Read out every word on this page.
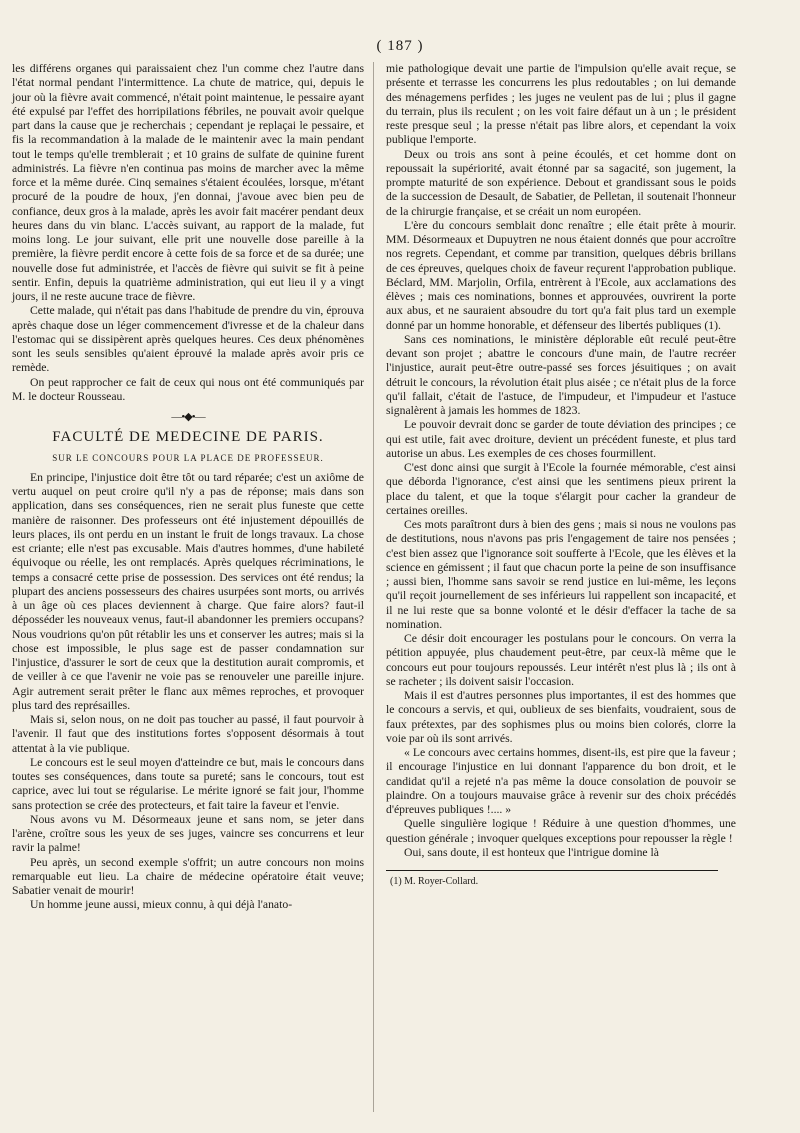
( 187 )

les différens organes qui paraissaient chez l'un comme chez l'autre dans l'état normal pendant l'intermittence. La chute de matrice, qui, depuis le jour où la fièvre avait commencé, n'était point maintenue, le pessaire ayant été expulsé par l'effet des horripilations fébriles, ne pouvait avoir quelque part dans la cause que je recherchais ; cependant je replaçai le pessaire, et fis la recommandation à la malade de le maintenir avec la main pendant tout le temps qu'elle tremblerait ; et 10 grains de sulfate de quinine furent administrés. La fièvre n'en continua pas moins de marcher avec la même force et la même durée. Cinq semaines s'étaient écoulées, lorsque, m'étant procuré de la poudre de houx, j'en donnai, j'avoue avec bien peu de confiance, deux gros à la malade, après les avoir fait macérer pendant deux heures dans du vin blanc. L'accès suivant, au rapport de la malade, fut moins long. Le jour suivant, elle prit une nouvelle dose pareille à la première, la fièvre perdit encore à cette fois de sa force et de sa durée; une nouvelle dose fut administrée, et l'accès de fièvre qui suivit se fit à peine sentir. Enfin, depuis la quatrième administration, qui eut lieu il y a vingt jours, il ne reste aucune trace de fièvre.

Cette malade, qui n'était pas dans l'habitude de prendre du vin, éprouva après chaque dose un léger commencement d'ivresse et de la chaleur dans l'estomac qui se dissipèrent après quelques heures. Ces deux phénomènes sont les seuls sensibles qu'aient éprouvé la malade après avoir pris ce remède.

On peut rapprocher ce fait de ceux qui nous ont été communiqués par M. le docteur Rousseau.

—•◆•—
FACULTÉ DE MEDECINE DE PARIS.
SUR LE CONCOURS POUR LA PLACE DE PROFESSEUR.

En principe, l'injustice doit être tôt ou tard réparée; c'est un axiôme de vertu auquel on peut croire qu'il n'y a pas de réponse; mais dans son application, dans ses conséquences, rien ne serait plus funeste que cette manière de raisonner. Des professeurs ont été injustement dépouillés de leurs places, ils ont perdu en un instant le fruit de longs travaux. La chose est criante; elle n'est pas excusable. Mais d'autres hommes, d'une habileté équivoque ou réelle, les ont remplacés. Après quelques récriminations, le temps a consacré cette prise de possession. Des services ont été rendus; la plupart des anciens possesseurs des chaires usurpées sont morts, ou arrivés à un âge où ces places deviennent à charge. Que faire alors? faut-il déposséder les nouveaux venus, faut-il abandonner les premiers occupans? Nous voudrions qu'on pût rétablir les uns et conserver les autres; mais si la chose est impossible, le plus sage est de passer condamnation sur l'injustice, d'assurer le sort de ceux que la destitution aurait compromis, et de veiller à ce que l'avenir ne voie pas se renouveler une pareille injure. Agir autrement serait prêter le flanc aux mêmes reproches, et provoquer plus tard des représailles.

Mais si, selon nous, on ne doit pas toucher au passé, il faut pourvoir à l'avenir. Il faut que des institutions fortes s'opposent désormais à tout attentat à la vie publique.

Le concours est le seul moyen d'atteindre ce but, mais le concours dans toutes ses conséquences, dans toute sa pureté; sans le concours, tout est caprice, avec lui tout se régularise. Le mérite ignoré se fait jour, l'homme sans protection se crée des protecteurs, et fait taire la faveur et l'envie.

Nous avons vu M. Désormeaux jeune et sans nom, se jeter dans l'arène, croître sous les yeux de ses juges, vaincre ses concurrens et leur ravir la palme!

Peu après, un second exemple s'offrit; un autre concours non moins remarquable eut lieu. La chaire de médecine opératoire était veuve; Sabatier venait de mourir!

Un homme jeune aussi, mieux connu, à qui déjà l'anato-

mie pathologique devait une partie de l'impulsion qu'elle avait reçue, se présente et terrasse les concurrens les plus redoutables ; on lui demande des ménagemens perfides ; les juges ne veulent pas de lui ; plus il gagne du terrain, plus ils reculent ; on les voit faire défaut un à un ; le président reste presque seul ; la presse n'était pas libre alors, et cependant la voix publique l'emporte.

Deux ou trois ans sont à peine écoulés, et cet homme dont on repoussait la supériorité, avait étonné par sa sagacité, son jugement, la prompte maturité de son expérience. Debout et grandissant sous le poids de la succession de Desault, de Sabatier, de Pelletan, il soutenait l'honneur de la chirurgie française, et se créait un nom européen.

L'ère du concours semblait donc renaître ; elle était prête à mourir. MM. Désormeaux et Dupuytren ne nous étaient donnés que pour accroître nos regrets. Cependant, et comme par transition, quelques débris brillans de ces épreuves, quelques choix de faveur reçurent l'approbation publique. Béclard, MM. Marjolin, Orfila, entrèrent à l'Ecole, aux acclamations des élèves ; mais ces nominations, bonnes et approuvées, ouvrirent la porte aux abus, et ne sauraient absoudre du tort qu'a fait plus tard un exemple donné par un homme honorable, et défenseur des libertés publiques (1).

Sans ces nominations, le ministère déplorable eût reculé peut-être devant son projet ; abattre le concours d'une main, de l'autre recréer l'injustice, aurait peut-être outre-passé ses forces jésuitiques ; on avait détruit le concours, la révolution était plus aisée ; ce n'était plus de la force qu'il fallait, c'était de l'astuce, de l'impudeur, et l'impudeur et l'astuce signalèrent à jamais les hommes de 1823.

Le pouvoir devrait donc se garder de toute déviation des principes ; ce qui est utile, fait avec droiture, devient un précédent funeste, et plus tard autorise un abus. Les exemples de ces choses fourmillent.

C'est donc ainsi que surgit à l'Ecole la fournée mémorable, c'est ainsi que déborda l'ignorance, c'est ainsi que les sentimens pieux prirent la place du talent, et que la toque s'élargit pour cacher la grandeur de certaines oreilles.

Ces mots paraîtront durs à bien des gens ; mais si nous ne voulons pas de destitutions, nous n'avons pas pris l'engagement de taire nos pensées ; c'est bien assez que l'ignorance soit soufferte à l'Ecole, que les élèves et la science en gémissent ; il faut que chacun porte la peine de son insuffisance ; aussi bien, l'homme sans savoir se rend justice en lui-même, les leçons qu'il reçoit journellement de ses inférieurs lui rappellent son incapacité, et il ne lui reste que sa bonne volonté et le désir d'effacer la tache de sa nomination.

Ce désir doit encourager les postulans pour le concours. On verra la pétition appuyée, plus chaudement peut-être, par ceux-là même que le concours eut pour toujours repoussés. Leur intérêt n'est plus là ; ils ont à se racheter ; ils doivent saisir l'occasion.

Mais il est d'autres personnes plus importantes, il est des hommes que le concours a servis, et qui, oublieux de ses bienfaits, voudraient, sous de faux prétextes, par des sophismes plus ou moins bien colorés, clorre la voie par où ils sont arrivés.

« Le concours avec certains hommes, disent-ils, est pire que la faveur ; il encourage l'injustice en lui donnant l'apparence du bon droit, et le candidat qu'il a rejeté n'a pas même la douce consolation de pouvoir se plaindre. On a toujours mauvaise grâce à revenir sur des choix précédés d'épreuves publiques !.... »

Quelle singulière logique ! Réduire à une question d'hommes, une question générale ; invoquer quelques exceptions pour repousser la règle !

Oui, sans doute, il est honteux que l'intrigue domine là

(1) M. Royer-Collard.
